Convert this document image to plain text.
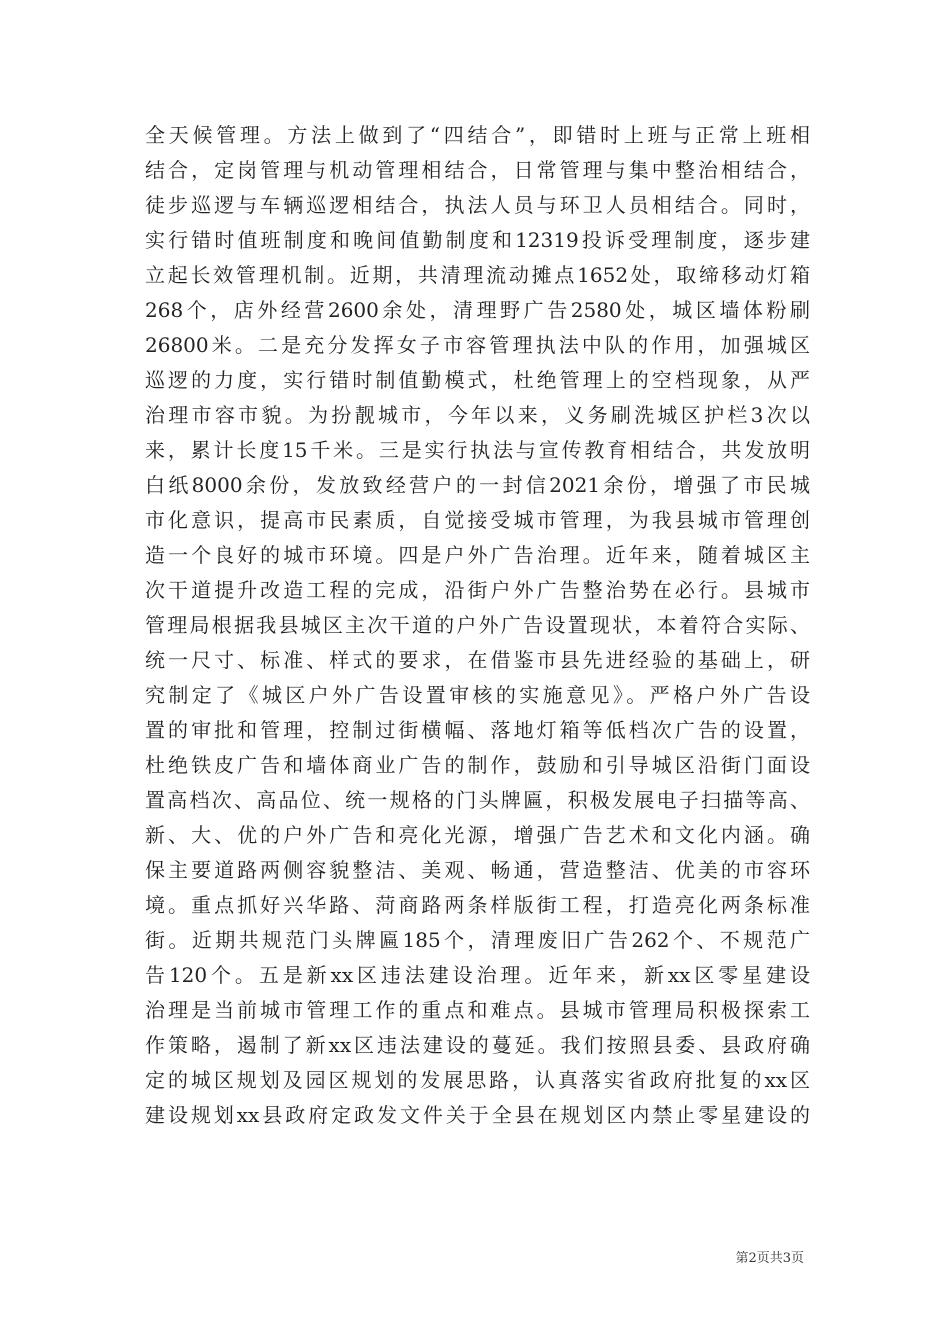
全天候管理。方法上做到了“四结合”，即错时上班与正常上班相
结合，定岗管理与机动管理相结合，日常管理与集中整治相结合，
徒步巡逻与车辆巡逻相结合，执法人员与环卫人员相结合。同时，
实行错时值班制度和晚间值勤制度和12319投诉受理制度，逐步建
立起长效管理机制。近期，共清理流动摊点1652处，取缔移动灯箱
268个，店外经营2600余处，清理野广告2580处，城区墙体粉刷
26800米。二是充分发挥女子市容管理执法中队的作用，加强城区
巡逻的力度，实行错时制值勤模式，杜绝管理上的空档现象，从严
治理市容市貌。为扮靓城市，今年以来，义务刷洗城区护栏3次以
来，累计长度15千米。三是实行执法与宣传教育相结合，共发放明
白纸8000余份，发放致经营户的一封信2021余份，增强了市民城
市化意识，提高市民素质，自觉接受城市管理，为我县城市管理创
造一个良好的城市环境。四是户外广告治理。近年来，随着城区主
次干道提升改造工程的完成，沿街户外广告整治势在必行。县城市
管理局根据我县城区主次干道的户外广告设置现状，本着符合实际、
统一尺寸、标准、样式的要求，在借鉴市县先进经验的基础上，研
究制定了《城区户外广告设置审核的实施意见》。严格户外广告设
置的审批和管理，控制过街横幅、落地灯箱等低档次广告的设置，
杜绝铁皮广告和墙体商业广告的制作，鼓励和引导城区沿街门面设
置高档次、高品位、统一规格的门头牌匾，积极发展电子扫描等高、
新、大、优的户外广告和亮化光源，增强广告艺术和文化内涵。确
保主要道路两侧容貌整洁、美观、畅通，营造整洁、优美的市容环
境。重点抓好兴华路、菏商路两条样版街工程，打造亮化两条标准
街。近期共规范门头牌匾185个，清理废旧广告262个、不规范广
告120个。五是新xx区违法建设治理。近年来，新xx区零星建设
治理是当前城市管理工作的重点和难点。县城市管理局积极探索工
作策略，遏制了新xx区违法建设的蔓延。我们按照县委、县政府确
定的城区规划及园区规划的发展思路，认真落实省政府批复的xx区
建设规划xx县政府定政发文件关于全县在规划区内禁止零星建设的
第2页共3页
